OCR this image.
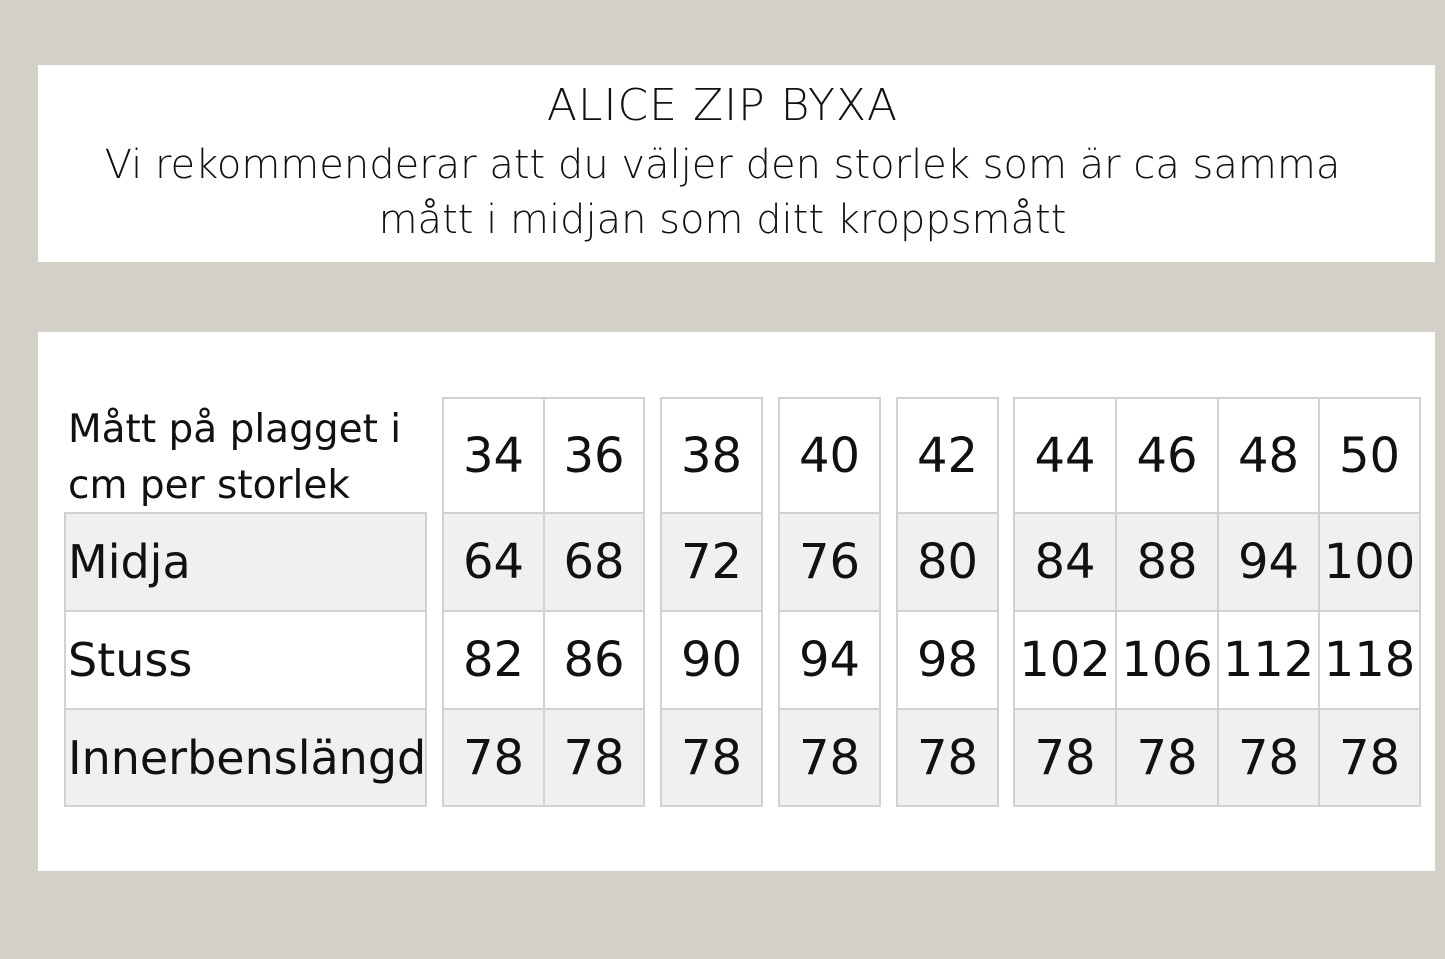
ALICE ZIP BYXA
Vi rekommenderar att du väljer den storlek som är ca samma
mått i midjan som ditt kroppsmått
Mått på plagget i
cm per storlek
34 36	38	40	42	44 46 48 50
Midja	64 68	72	76	80	84 88 94 100
Stuss	82 86	90	94	98 102 106 112 118
Innerbenslängd 78 78	78	78	78	78 78 78 78
